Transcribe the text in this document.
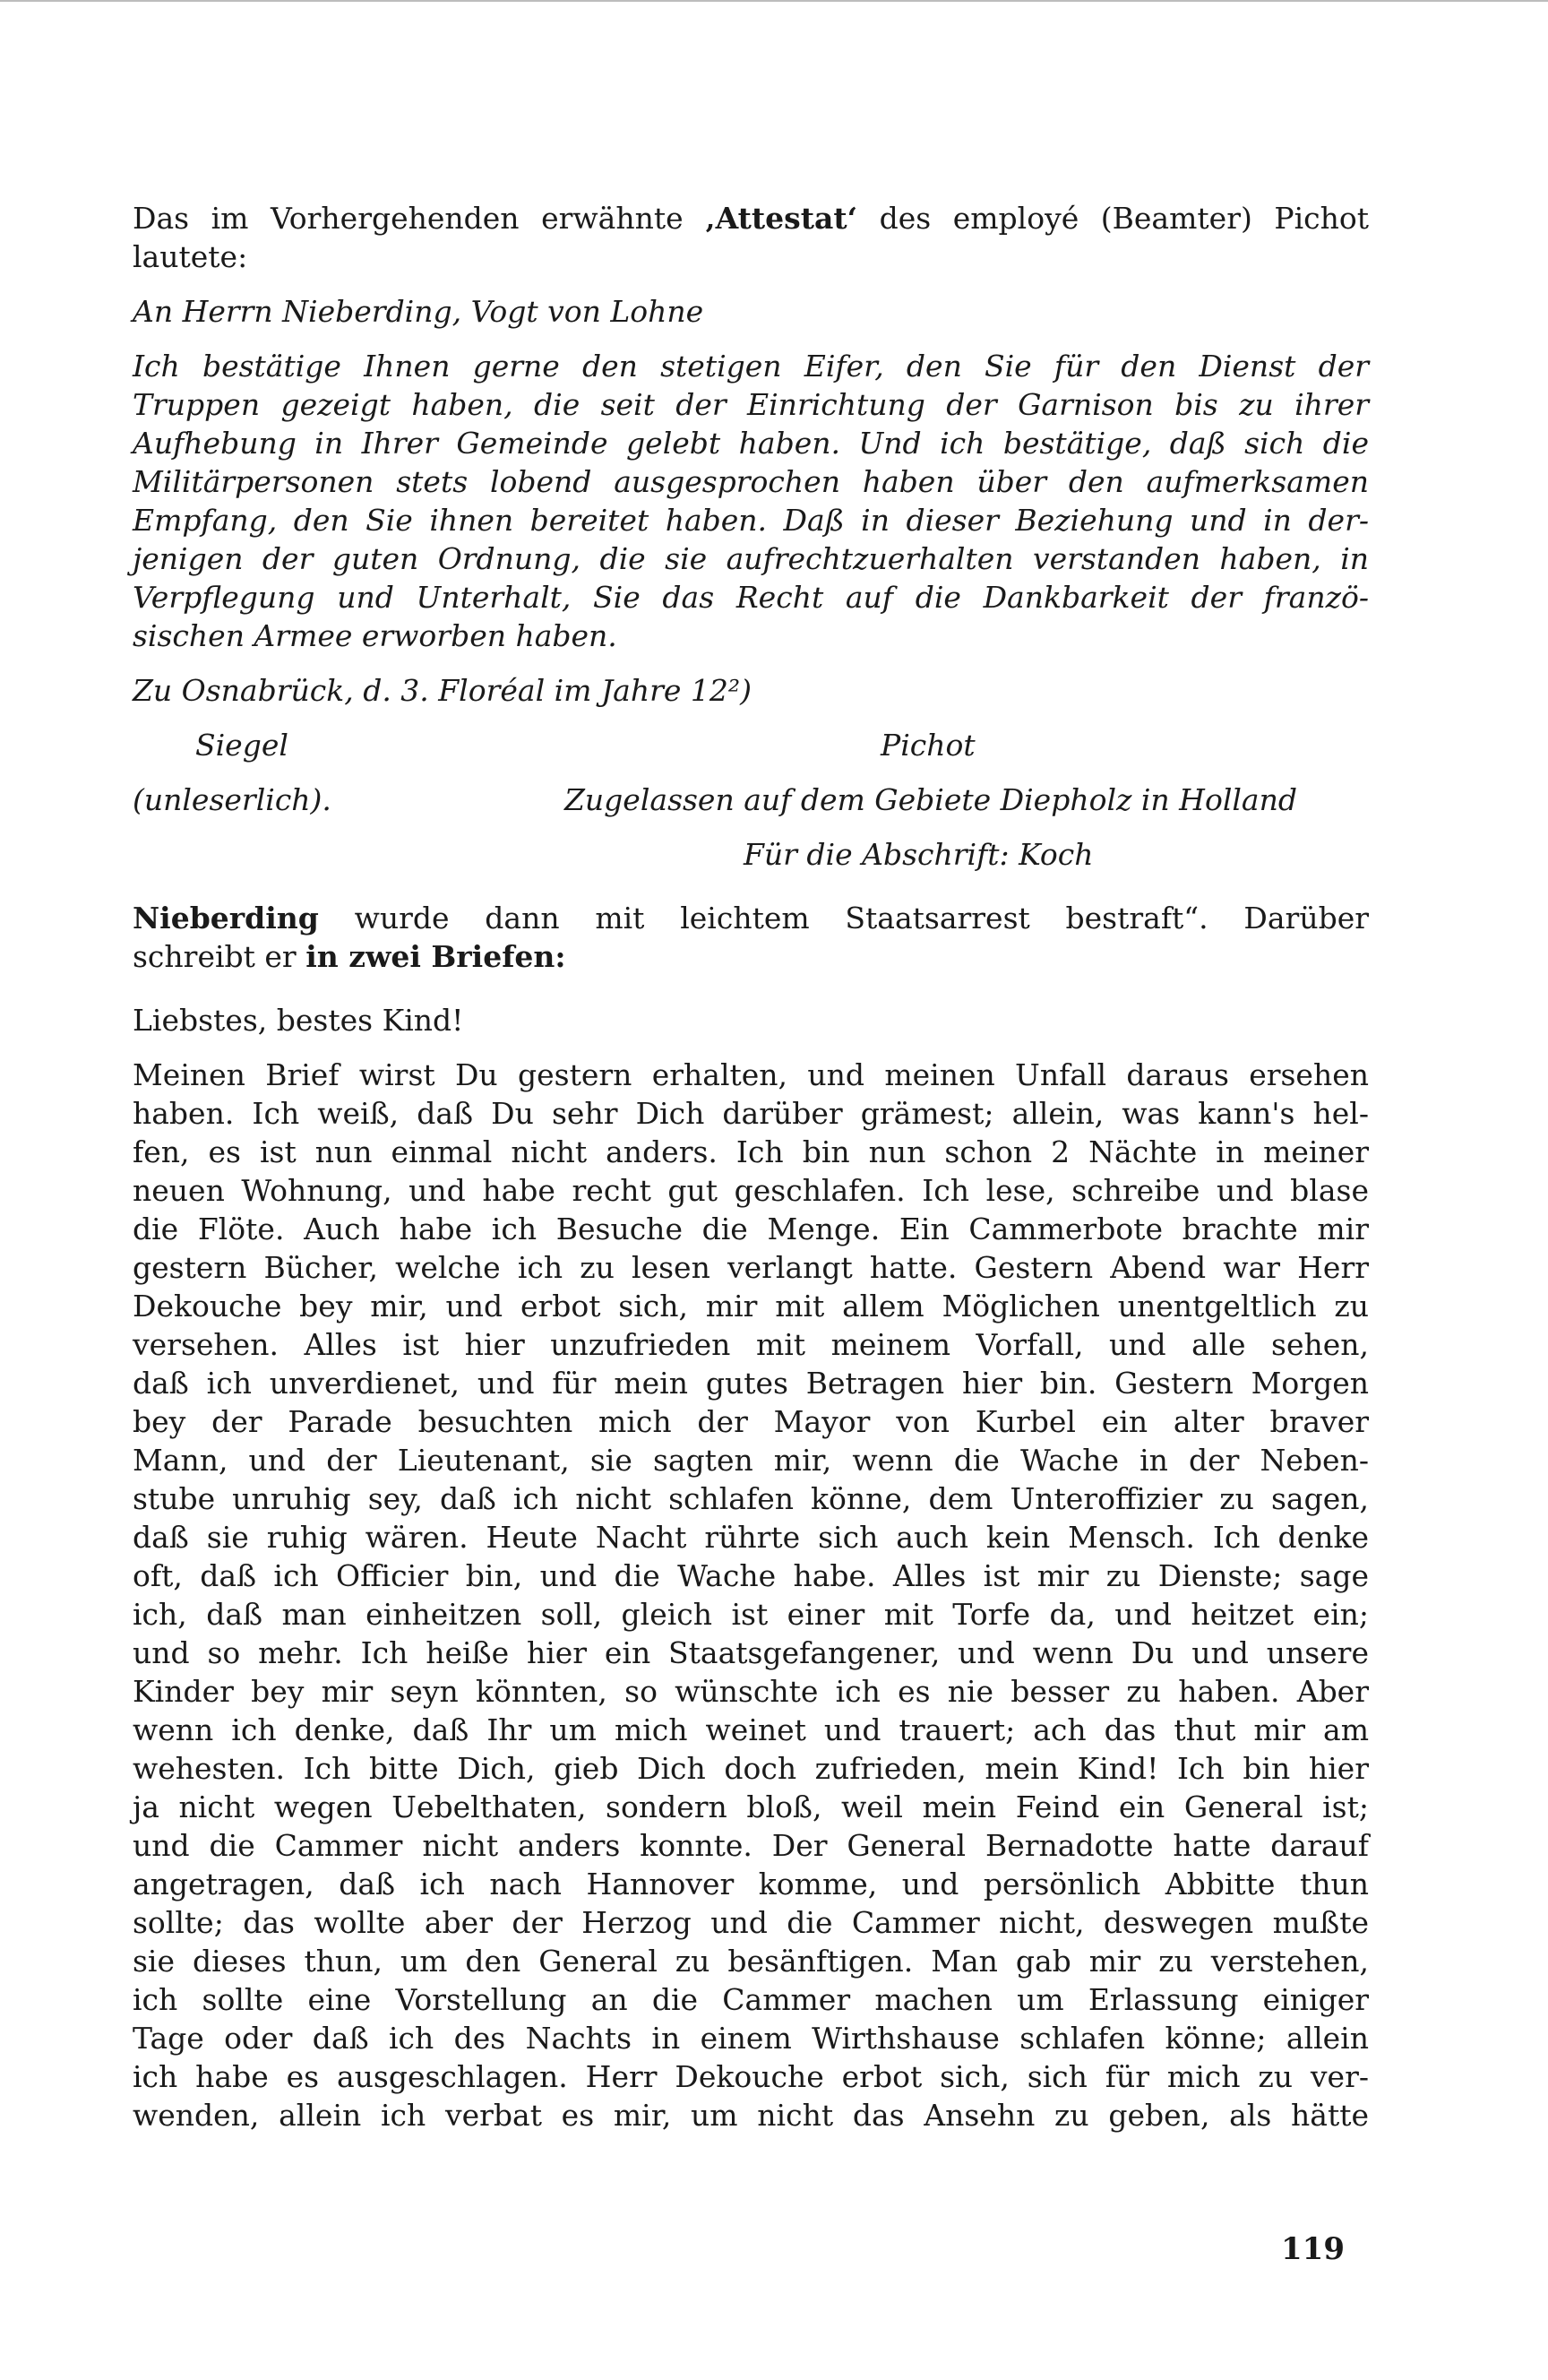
Das im Vorhergehenden erwähnte ‚Attestat‘ des employé (Beamter) Pichot
lautete:
An Herrn Nieberding, Vogt von Lohne
Ich bestätige Ihnen gerne den stetigen Eifer, den Sie für den Dienst der
Truppen gezeigt haben, die seit der Einrichtung der Garnison bis zu ihrer
Aufhebung in Ihrer Gemeinde gelebt haben. Und ich bestätige, daß sich die
Militärpersonen stets lobend ausgesprochen haben über den aufmerksamen
Empfang, den Sie ihnen bereitet haben. Daß in dieser Beziehung und in der-
jenigen der guten Ordnung, die sie aufrechtzuerhalten verstanden haben, in
Verpflegung und Unterhalt, Sie das Recht auf die Dankbarkeit der franzö-
sischen Armee erworben haben.
Zu Osnabrück, d. 3. Floréal im Jahre 12²)
Siegel	Pichot
(unleserlich).	Zugelassen auf dem Gebiete Diepholz in Holland
Für die Abschrift: Koch
Nieberding wurde dann mit leichtem Staatsarrest bestraft“. Darüber
schreibt er in zwei Briefen:
Liebstes, bestes Kind!
Meinen Brief wirst Du gestern erhalten, und meinen Unfall daraus ersehen
haben. Ich weiß, daß Du sehr Dich darüber grämest; allein, was kann's hel-
fen, es ist nun einmal nicht anders. Ich bin nun schon 2 Nächte in meiner
neuen Wohnung, und habe recht gut geschlafen. Ich lese, schreibe und blase
die Flöte. Auch habe ich Besuche die Menge. Ein Cammerbote brachte mir
gestern Bücher, welche ich zu lesen verlangt hatte. Gestern Abend war Herr
Dekouche bey mir, und erbot sich, mir mit allem Möglichen unentgeltlich zu
versehen. Alles ist hier unzufrieden mit meinem Vorfall, und alle sehen,
daß ich unverdienet, und für mein gutes Betragen hier bin. Gestern Morgen
bey der Parade besuchten mich der Mayor von Kurbel ein alter braver
Mann, und der Lieutenant, sie sagten mir, wenn die Wache in der Neben-
stube unruhig sey, daß ich nicht schlafen könne, dem Unteroffizier zu sagen,
daß sie ruhig wären. Heute Nacht rührte sich auch kein Mensch. Ich denke
oft, daß ich Officier bin, und die Wache habe. Alles ist mir zu Dienste; sage
ich, daß man einheitzen soll, gleich ist einer mit Torfe da, und heitzet ein;
und so mehr. Ich heiße hier ein Staatsgefangener, und wenn Du und unsere
Kinder bey mir seyn könnten, so wünschte ich es nie besser zu haben. Aber
wenn ich denke, daß Ihr um mich weinet und trauert; ach das thut mir am
wehesten. Ich bitte Dich, gieb Dich doch zufrieden, mein Kind! Ich bin hier
ja nicht wegen Uebelthaten, sondern bloß, weil mein Feind ein General ist;
und die Cammer nicht anders konnte. Der General Bernadotte hatte darauf
angetragen, daß ich nach Hannover komme, und persönlich Abbitte thun
sollte; das wollte aber der Herzog und die Cammer nicht, deswegen mußte
sie dieses thun, um den General zu besänftigen. Man gab mir zu verstehen,
ich sollte eine Vorstellung an die Cammer machen um Erlassung einiger
Tage oder daß ich des Nachts in einem Wirthshause schlafen könne; allein
ich habe es ausgeschlagen. Herr Dekouche erbot sich, sich für mich zu ver-
wenden, allein ich verbat es mir, um nicht das Ansehn zu geben, als hätte
119
